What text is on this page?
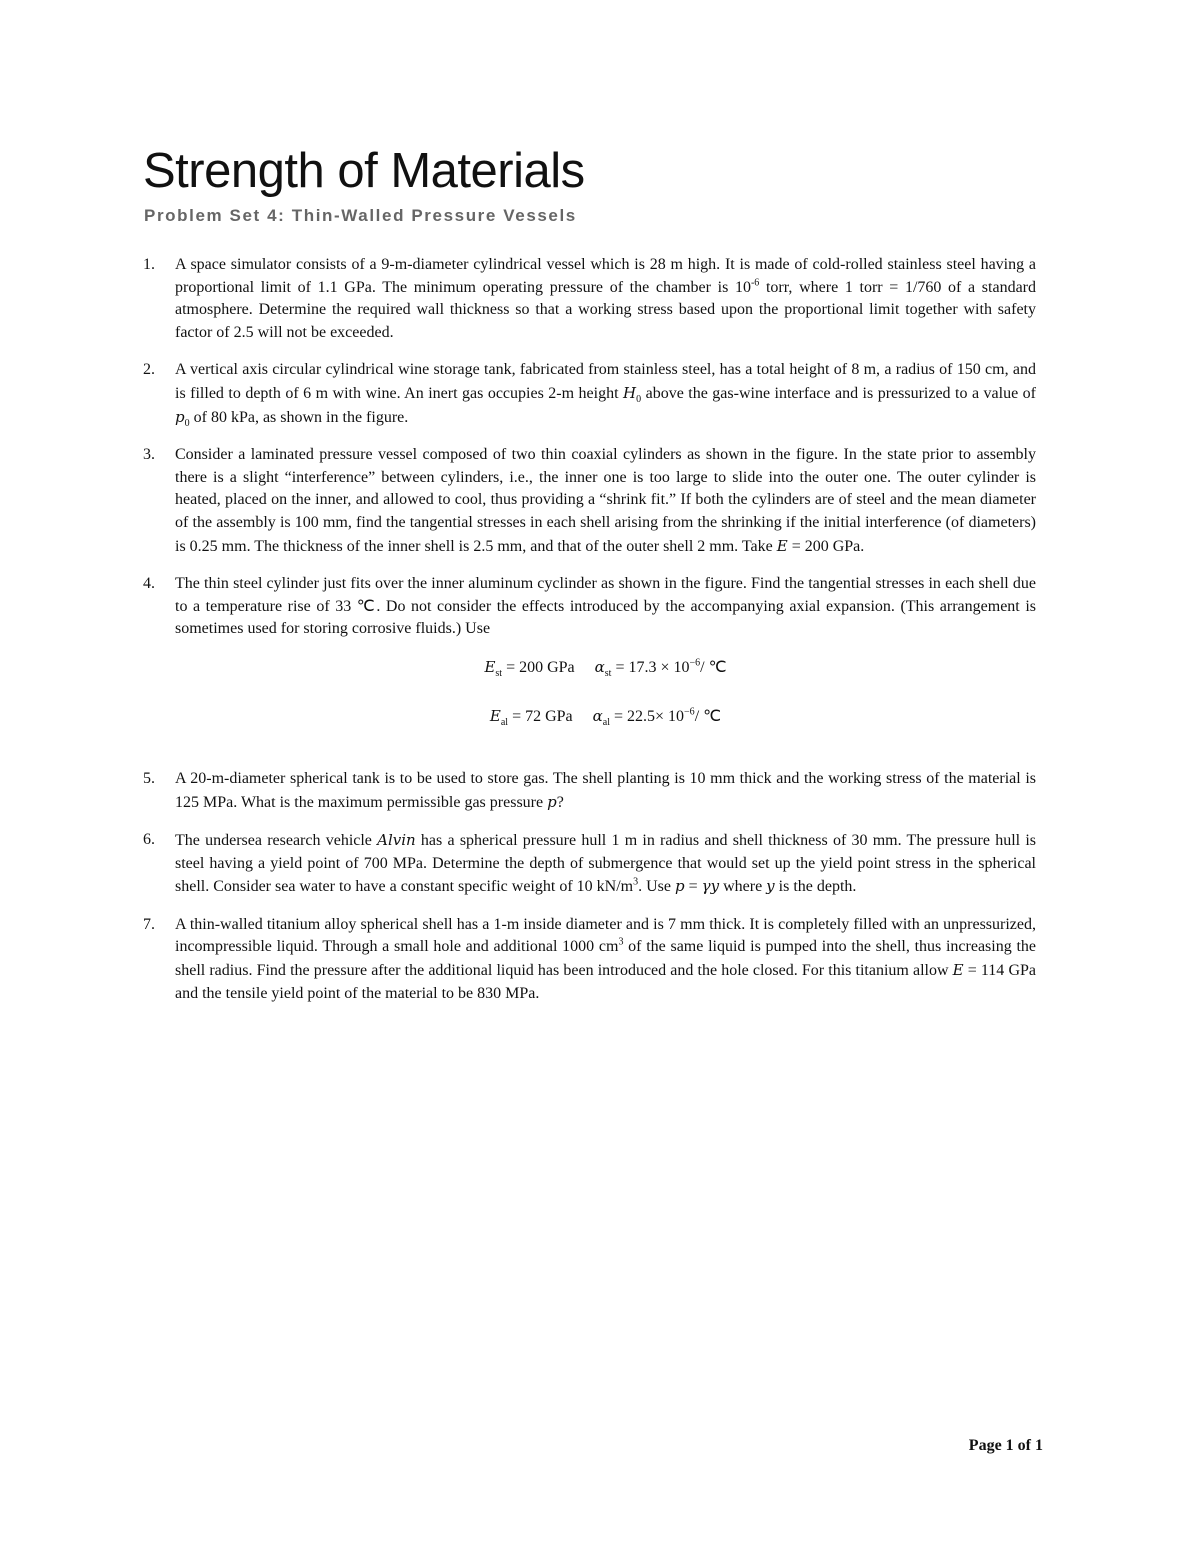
Strength of Materials
Problem Set 4: Thin-Walled Pressure Vessels
1. A space simulator consists of a 9-m-diameter cylindrical vessel which is 28 m high. It is made of cold-rolled stainless steel having a proportional limit of 1.1 GPa. The minimum operating pressure of the chamber is $10^{-6}$ torr, where 1 torr = 1/760 of a standard atmosphere. Determine the required wall thickness so that a working stress based upon the proportional limit together with safety factor of 2.5 will not be exceeded.
2. A vertical axis circular cylindrical wine storage tank, fabricated from stainless steel, has a total height of 8 m, a radius of 150 cm, and is filled to depth of 6 m with wine. An inert gas occupies 2-m height $H_0$ above the gas-wine interface and is pressurized to a value of $p_0$ of 80 kPa, as shown in the figure.
3. Consider a laminated pressure vessel composed of two thin coaxial cylinders as shown in the figure. In the state prior to assembly there is a slight “interference” between cylinders, i.e., the inner one is too large to slide into the outer one. The outer cylinder is heated, placed on the inner, and allowed to cool, thus providing a “shrink fit.” If both the cylinders are of steel and the mean diameter of the assembly is 100 mm, find the tangential stresses in each shell arising from the shrinking if the initial interference (of diameters) is 0.25 mm. The thickness of the inner shell is 2.5 mm, and that of the outer shell 2 mm. Take E = 200 GPa.
4. The thin steel cylinder just fits over the inner aluminum cyclinder as shown in the figure. Find the tangential stresses in each shell due to a temperature rise of 33 ℃. Do not consider the effects introduced by the accompanying axial expansion. (This arrangement is sometimes used for storing corrosive fluids.) Use
$E_{st} = 200$ GPa     $\alpha_{st} = 17.3 \times 10^{-6}/$ ℃
$E_{al} = 72$ GPa     $\alpha_{al} = 22.5\times 10^{-6}/$ ℃
5. A 20-m-diameter spherical tank is to be used to store gas. The shell planting is 10 mm thick and the working stress of the material is 125 MPa. What is the maximum permissible gas pressure p?
6. The undersea research vehicle Alvin has a spherical pressure hull 1 m in radius and shell thickness of 30 mm. The pressure hull is steel having a yield point of 700 MPa. Determine the depth of submergence that would set up the yield point stress in the spherical shell. Consider sea water to have a constant specific weight of 10 $kN/m^3$. Use p = γy where y is the depth.
7. A thin-walled titanium alloy spherical shell has a 1-m inside diameter and is 7 mm thick. It is completely filled with an unpressurized, incompressible liquid. Through a small hole and additional 1000 $cm^3$ of the same liquid is pumped into the shell, thus increasing the shell radius. Find the pressure after the additional liquid has been introduced and the hole closed. For this titanium allow E = 114 GPa and the tensile yield point of the material to be 830 MPa.
Page 1 of 1
